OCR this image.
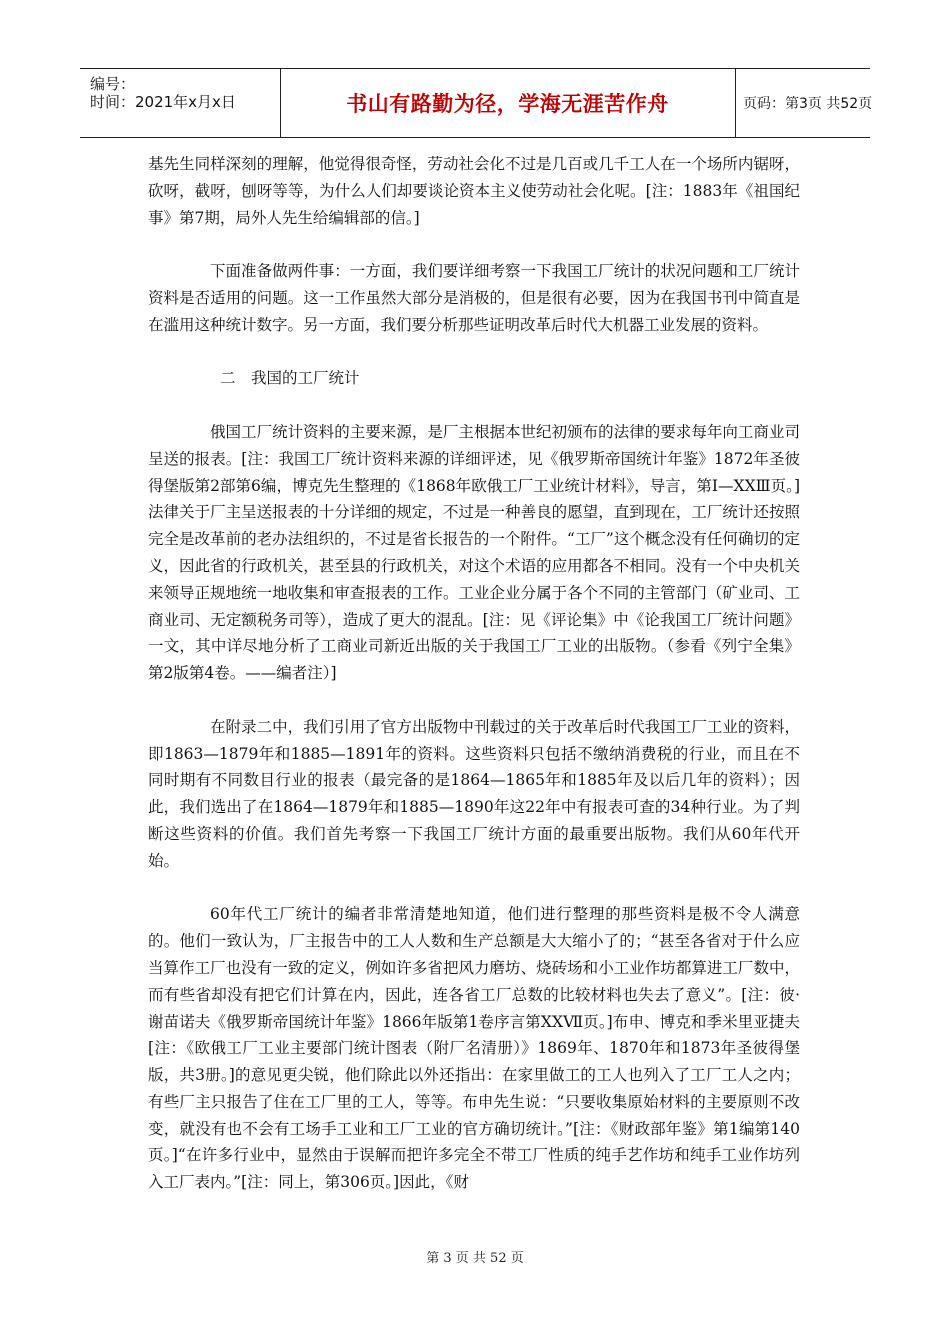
编号：
时间：2021年x月x日	书山有路勤为径，学海无涯苦作舟	页码：第3页 共52页

基先生同样深刻的理解，他觉得很奇怪，劳动社会化不过是几百或几千工人在一个场所内锯呀，砍呀，截呀，刨呀等等，为什么人们却要谈论资本主义使劳动社会化呢。[注：1883年《祖国纪事》第7期，局外人先生给编辑部的信。]

下面准备做两件事：一方面，我们要详细考察一下我国工厂统计的状况问题和工厂统计资料是否适用的问题。这一工作虽然大部分是消极的，但是很有必要，因为在我国书刊中简直是在滥用这种统计数字。另一方面，我们要分析那些证明改革后时代大机器工业发展的资料。

二　我国的工厂统计

俄国工厂统计资料的主要来源，是厂主根据本世纪初颁布的法律的要求每年向工商业司呈送的报表。[注：我国工厂统计资料来源的详细评述，见《俄罗斯帝国统计年鉴》1872年圣彼得堡版第2部第6编，博克先生整理的《1868年欧俄工厂工业统计材料》，导言，第Ⅰ—ⅩⅩⅢ页。]法律关于厂主呈送报表的十分详细的规定，不过是一种善良的愿望，直到现在，工厂统计还按照完全是改革前的老办法组织的，不过是省长报告的一个附件。“工厂”这个概念没有任何确切的定义，因此省的行政机关，甚至县的行政机关，对这个术语的应用都各不相同。没有一个中央机关来领导正规地统一地收集和审查报表的工作。工业企业分属于各个不同的主管部门（矿业司、工商业司、无定额税务司等），造成了更大的混乱。[注：见《评论集》中《论我国工厂统计问题》一文，其中详尽地分析了工商业司新近出版的关于我国工厂工业的出版物。（参看《列宁全集》第2版第4卷。——编者注）]

在附录二中，我们引用了官方出版物中刊载过的关于改革后时代我国工厂工业的资料，即1863—1879年和1885—1891年的资料。这些资料只包括不缴纳消费税的行业，而且在不同时期有不同数目行业的报表（最完备的是1864—1865年和1885年及以后几年的资料）；因此，我们选出了在1864—1879年和1885—1890年这22年中有报表可查的34种行业。为了判断这些资料的价值。我们首先考察一下我国工厂统计方面的最重要出版物。我们从60年代开始。

60年代工厂统计的编者非常清楚地知道，他们进行整理的那些资料是极不令人满意的。他们一致认为，厂主报告中的工人人数和生产总额是大大缩小了的；“甚至各省对于什么应当算作工厂也没有一致的定义，例如许多省把风力磨坊、烧砖场和小工业作坊都算进工厂数中，而有些省却没有把它们计算在内，因此，连各省工厂总数的比较材料也失去了意义”。[注：彼·谢苗诺夫《俄罗斯帝国统计年鉴》1866年版第1卷序言第ⅩⅩⅦ页。]布申、博克和季米里亚捷夫[注：《欧俄工厂工业主要部门统计图表（附厂名清册）》1869年、1870年和1873年圣彼得堡版，共3册。]的意见更尖锐，他们除此以外还指出：在家里做工的工人也列入了工厂工人之内；有些厂主只报告了住在工厂里的工人，等等。布申先生说：“只要收集原始材料的主要原则不改变，就没有也不会有工场手工业和工厂工业的官方确切统计。”[注：《财政部年鉴》第1编第140页。]“在许多行业中，显然由于误解而把许多完全不带工厂性质的纯手艺作坊和纯手工业作坊列入工厂表内。”[注：同上，第306页。]因此，《财

第 3 页 共 52 页
